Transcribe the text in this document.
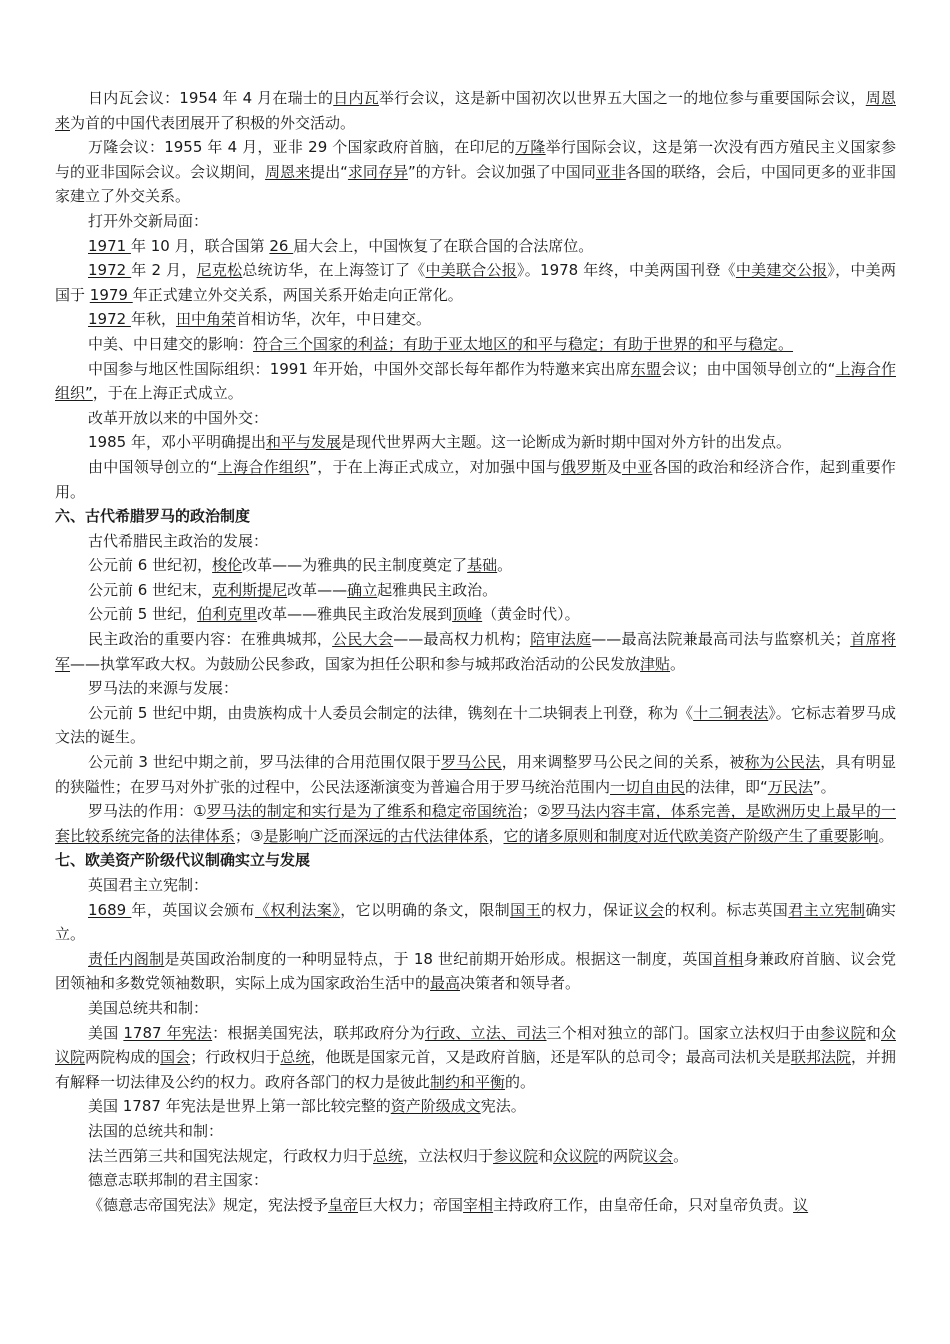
日内瓦会议：1954 年 4 月在瑞士的日内瓦举行会议，这是新中国初次以世界五大国之一的地位参与重要国际会议，周恩来为首的中国代表团展开了积极的外交活动。

万隆会议：1955 年 4 月，亚非 29 个国家政府首脑，在印尼的万隆举行国际会议，这是第一次没有西方殖民主义国家参与的亚非国际会议。会议期间，周恩来提出“求同存异”的方针。会议加强了中国同亚非各国的联络，会后，中国同更多的亚非国家建立了外交关系。

打开外交新局面：

1971 年 10 月，联合国第 26 届大会上，中国恢复了在联合国的合法席位。

1972 年 2 月，尼克松总统访华，在上海签订了《中美联合公报》。1978 年终，中美两国刊登《中美建交公报》，中美两国于 1979 年正式建立外交关系，两国关系开始走向正常化。

1972 年秋，田中角荣首相访华，次年，中日建交。

中美、中日建交的影响：符合三个国家的利益；有助于亚太地区的和平与稳定；有助于世界的和平与稳定。

中国参与地区性国际组织：1991 年开始，中国外交部长每年都作为特邀来宾出席东盟会议；由中国领导创立的“上海合作组织”，于在上海正式成立。

改革开放以来的中国外交：

1985 年，邓小平明确提出和平与发展是现代世界两大主题。这一论断成为新时期中国对外方针的出发点。

由中国领导创立的“上海合作组织”，于在上海正式成立，对加强中国与俄罗斯及中亚各国的政治和经济合作，起到重要作用。

六、古代希腊罗马的政治制度

古代希腊民主政治的发展：

公元前 6 世纪初，梭伦改革——为雅典的民主制度奠定了基础。

公元前 6 世纪末，克利斯提尼改革——确立起雅典民主政治。

公元前 5 世纪，伯利克里改革——雅典民主政治发展到顶峰（黄金时代）。

民主政治的重要内容：在雅典城邦，公民大会——最高权力机构；陪审法庭——最高法院兼最高司法与监察机关；首席将军——执掌军政大权。为鼓励公民参政，国家为担任公职和参与城邦政治活动的公民发放津贴。

罗马法的来源与发展：

公元前 5 世纪中期，由贵族构成十人委员会制定的法律，镌刻在十二块铜表上刊登，称为《十二铜表法》。它标志着罗马成文法的诞生。

公元前 3 世纪中期之前，罗马法律的合用范围仅限于罗马公民，用来调整罗马公民之间的关系，被称为公民法，具有明显的狭隘性；在罗马对外扩张的过程中，公民法逐渐演变为普遍合用于罗马统治范围内一切自由民的法律，即“万民法”。

罗马法的作用：①罗马法的制定和实行是为了维系和稳定帝国统治；②罗马法内容丰富，体系完善，是欧洲历史上最早的一套比较系统完备的法律体系；③是影响广泛而深远的古代法律体系，它的诸多原则和制度对近代欧美资产阶级产生了重要影响。

七、欧美资产阶级代议制确实立与发展

英国君主立宪制：

1689 年，英国议会颁布《权利法案》，它以明确的条文，限制国王的权力，保证议会的权利。标志英国君主立宪制确实立。

责任内阁制是英国政治制度的一种明显特点，于 18 世纪前期开始形成。根据这一制度，英国首相身兼政府首脑、议会党团领袖和多数党领袖数职，实际上成为国家政治生活中的最高决策者和领导者。

美国总统共和制：

美国 1787 年宪法：根据美国宪法，联邦政府分为行政、立法、司法三个相对独立的部门。国家立法权归于由参议院和众议院两院构成的国会；行政权归于总统，他既是国家元首，又是政府首脑，还是军队的总司令；最高司法机关是联邦法院，并拥有解释一切法律及公约的权力。政府各部门的权力是彼此制约和平衡的。

美国 1787 年宪法是世界上第一部比较完整的资产阶级成文宪法。

法国的总统共和制：

法兰西第三共和国宪法规定，行政权力归于总统，立法权归于参议院和众议院的两院议会。

德意志联邦制的君主国家：

《德意志帝国宪法》规定，宪法授予皇帝巨大权力；帝国宰相主持政府工作，由皇帝任命，只对皇帝负责。议
